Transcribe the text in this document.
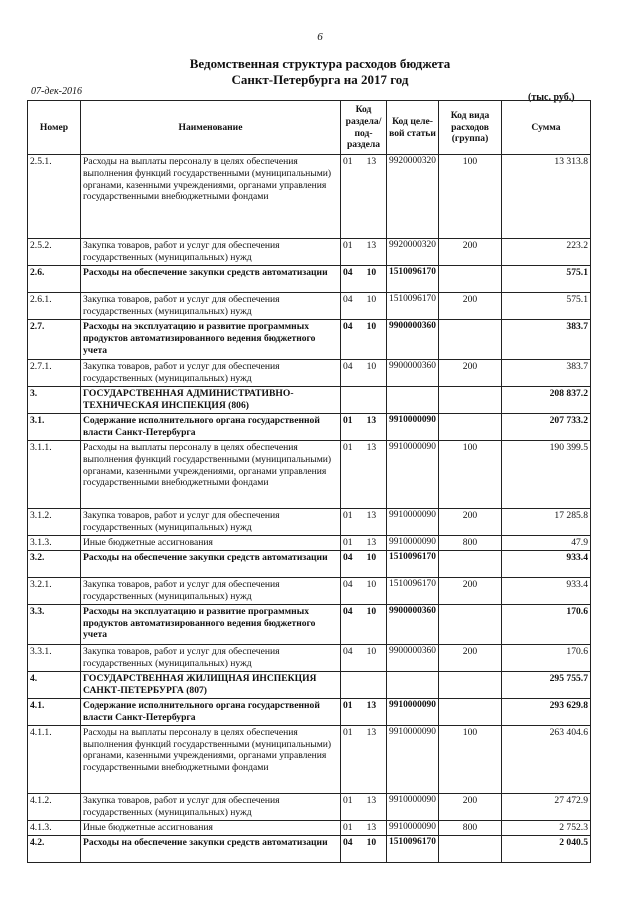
6
Ведомственная структура расходов бюджета
Санкт-Петербурга на 2017 год
07-дек-2016
(тыс. руб.)
Номер	Наименование	Код раздела/ под-раздела	Код целе-вой статьи	Код вида расходов (группа)	Сумма
2.5.1.	Расходы на выплаты персоналу в целях обеспечения выполнения функций государственными (муниципальными) органами, казенными учреждениями, органами управления государственными внебюджетными фондами	01 13	9920000320	100	13 313.8
2.5.2.	Закупка товаров, работ и услуг для обеспечения государственных (муниципальных) нужд	01 13	9920000320	200	223.2
2.6.	Расходы на обеспечение закупки средств автоматизации	04 10	1510096170		575.1
2.6.1.	Закупка товаров, работ и услуг для обеспечения государственных (муниципальных) нужд	04 10	1510096170	200	575.1
2.7.	Расходы на эксплуатацию и развитие программных продуктов автоматизированного ведения бюджетного учета	04 10	9900000360		383.7
2.7.1.	Закупка товаров, работ и услуг для обеспечения государственных (муниципальных) нужд	04 10	9900000360	200	383.7
3.	ГОСУДАРСТВЕННАЯ АДМИНИСТРАТИВНО-ТЕХНИЧЕСКАЯ ИНСПЕКЦИЯ (806)				208 837.2
3.1.	Содержание исполнительного органа государственной власти Санкт-Петербурга	01 13	9910000090		207 733.2
3.1.1.	Расходы на выплаты персоналу в целях обеспечения выполнения функций государственными (муниципальными) органами, казенными учреждениями, органами управления государственными внебюджетными фондами	01 13	9910000090	100	190 399.5
3.1.2.	Закупка товаров, работ и услуг для обеспечения государственных (муниципальных) нужд	01 13	9910000090	200	17 285.8
3.1.3.	Иные бюджетные ассигнования	01 13	9910000090	800	47.9
3.2.	Расходы на обеспечение закупки средств автоматизации	04 10	1510096170		933.4
3.2.1.	Закупка товаров, работ и услуг для обеспечения государственных (муниципальных) нужд	04 10	1510096170	200	933.4
3.3.	Расходы на эксплуатацию и развитие программных продуктов автоматизированного ведения бюджетного учета	04 10	9900000360		170.6
3.3.1.	Закупка товаров, работ и услуг для обеспечения государственных (муниципальных) нужд	04 10	9900000360	200	170.6
4.	ГОСУДАРСТВЕННАЯ ЖИЛИЩНАЯ ИНСПЕКЦИЯ САНКТ-ПЕТЕРБУРГА (807)				295 755.7
4.1.	Содержание исполнительного органа государственной власти Санкт-Петербурга	01 13	9910000090		293 629.8
4.1.1.	Расходы на выплаты персоналу в целях обеспечения выполнения функций государственными (муниципальными) органами, казенными учреждениями, органами управления государственными внебюджетными фондами	01 13	9910000090	100	263 404.6
4.1.2.	Закупка товаров, работ и услуг для обеспечения государственных (муниципальных) нужд	01 13	9910000090	200	27 472.9
4.1.3.	Иные бюджетные ассигнования	01 13	9910000090	800	2 752.3
4.2.	Расходы на обеспечение закупки средств автоматизации	04 10	1510096170		2 040.5
